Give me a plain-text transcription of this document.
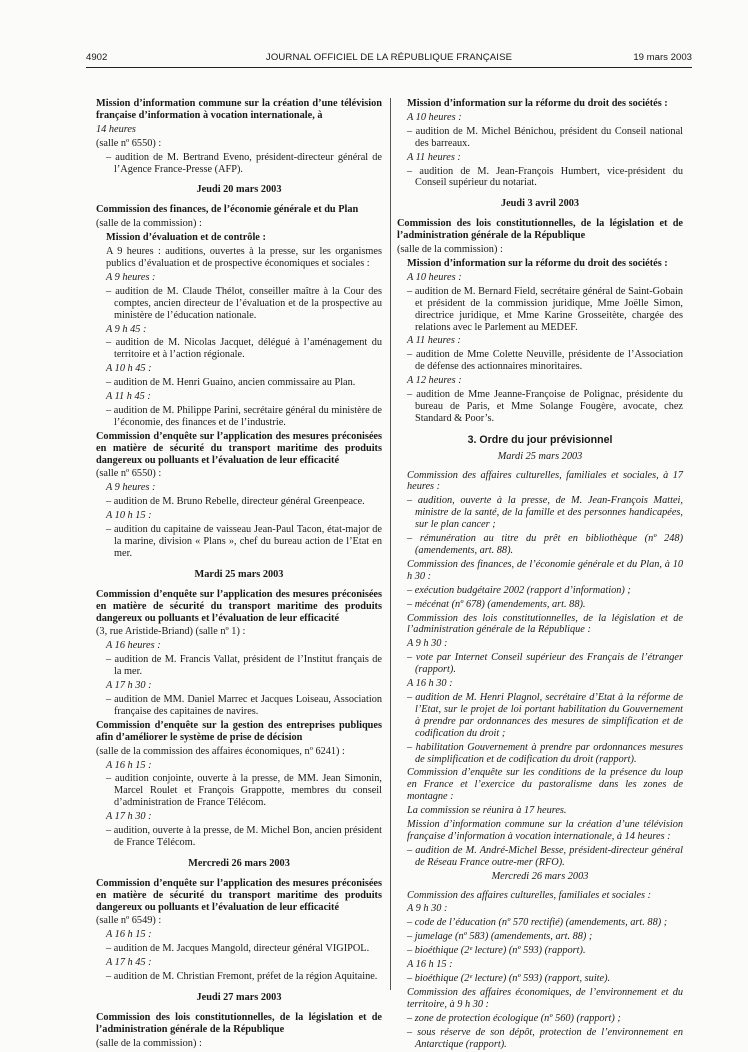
4902	JOURNAL OFFICIEL DE LA RÉPUBLIQUE FRANÇAISE	19 mars 2003
Mission d’information commune sur la création d’une télévision française d’information à vocation internationale, à
14 heures
(salle nº 6550) :
– audition de M. Bertrand Eveno, président-directeur général de l’Agence France-Presse (AFP).
Jeudi 20 mars 2003
Commission des finances, de l’économie générale et du Plan
(salle de la commission) :
Mission d’évaluation et de contrôle :
A 9 heures : auditions, ouvertes à la presse, sur les organismes publics d’évaluation et de prospective économiques et sociales :
A 9 heures :
– audition de M. Claude Thélot, conseiller maître à la Cour des comptes, ancien directeur de l’évaluation et de la prospective au ministère de l’éducation nationale.
A 9 h 45 :
– audition de M. Nicolas Jacquet, délégué à l’aménagement du territoire et à l’action régionale.
A 10 h 45 :
– audition de M. Henri Guaino, ancien commissaire au Plan.
A 11 h 45 :
– audition de M. Philippe Parini, secrétaire général du ministère de l’économie, des finances et de l’industrie.
Commission d’enquête sur l’application des mesures préconisées en matière de sécurité du transport maritime des produits dangereux ou polluants et l’évaluation de leur efficacité
(salle nº 6550) :
A 9 heures :
– audition de M. Bruno Rebelle, directeur général Greenpeace.
A 10 h 15 :
– audition du capitaine de vaisseau Jean-Paul Tacon, état-major de la marine, division « Plans », chef du bureau action de l’Etat en mer.
Mardi 25 mars 2003
Commission d’enquête sur l’application des mesures préconisées en matière de sécurité du transport maritime des produits dangereux ou polluants et l’évaluation de leur efficacité
(3, rue Aristide-Briand) (salle nº 1) :
A 16 heures :
– audition de M. Francis Vallat, président de l’Institut français de la mer.
A 17 h 30 :
– audition de MM. Daniel Marrec et Jacques Loiseau, Association française des capitaines de navires.
Commission d’enquête sur la gestion des entreprises publiques afin d’améliorer le système de prise de décision
(salle de la commission des affaires économiques, nº 6241) :
A 16 h 15 :
– audition conjointe, ouverte à la presse, de MM. Jean Simonin, Marcel Roulet et François Grappotte, membres du conseil d’administration de France Télécom.
A 17 h 30 :
– audition, ouverte à la presse, de M. Michel Bon, ancien président de France Télécom.
Mercredi 26 mars 2003
Commission d’enquête sur l’application des mesures préconisées en matière de sécurité du transport maritime des produits dangereux ou polluants et l’évaluation de leur efficacité
(salle nº 6549) :
A 16 h 15 :
– audition de M. Jacques Mangold, directeur général VIGIPOL.
A 17 h 45 :
– audition de M. Christian Fremont, préfet de la région Aquitaine.
Jeudi 27 mars 2003
Commission des lois constitutionnelles, de la législation et de l’administration générale de la République
(salle de la commission) :
Mission d’information sur la réforme du droit des sociétés :
A 10 heures :
– audition de M. Michel Bénichou, président du Conseil national des barreaux.
A 11 heures :
– audition de M. Jean-François Humbert, vice-président du Conseil supérieur du notariat.
Jeudi 3 avril 2003
Commission des lois constitutionnelles, de la législation et de l’administration générale de la République
(salle de la commission) :
Mission d’information sur la réforme du droit des sociétés :
A 10 heures :
– audition de M. Bernard Field, secrétaire général de Saint-Gobain et président de la commission juridique, Mme Joëlle Simon, directrice juridique, et Mme Karine Grosseitète, chargée des relations avec le Parlement au MEDEF.
A 11 heures :
– audition de Mme Colette Neuville, présidente de l’Association de défense des actionnaires minoritaires.
A 12 heures :
– audition de Mme Jeanne-Françoise de Polignac, présidente du bureau de Paris, et Mme Solange Fougère, avocate, chez Standard & Poor’s.
3. Ordre du jour prévisionnel
Mardi 25 mars 2003
Commission des affaires culturelles, familiales et sociales, à 17 heures :
– audition, ouverte à la presse, de M. Jean-François Mattei, ministre de la santé, de la famille et des personnes handicapées, sur le plan cancer ;
– rémunération au titre du prêt en bibliothèque (nº 248) (amendements, art. 88).
Commission des finances, de l’économie générale et du Plan, à 10 h 30 :
– exécution budgétaire 2002 (rapport d’information) ;
– mécénat (nº 678) (amendements, art. 88).
Commission des lois constitutionnelles, de la législation et de l’administration générale de la République :
A 9 h 30 :
– vote par Internet Conseil supérieur des Français de l’étranger (rapport).
A 16 h 30 :
– audition de M. Henri Plagnol, secrétaire d’Etat à la réforme de l’Etat, sur le projet de loi portant habilitation du Gouvernement à prendre par ordonnances des mesures de simplification et de codification du droit ;
– habilitation Gouvernement à prendre par ordonnances mesures de simplification et de codification du droit (rapport).
Commission d’enquête sur les conditions de la présence du loup en France et l’exercice du pastoralisme dans les zones de montagne :
La commission se réunira à 17 heures.
Mission d’information commune sur la création d’une télévision française d’information à vocation internationale, à 14 heures :
– audition de M. André-Michel Besse, président-directeur général de Réseau France outre-mer (RFO).
Mercredi 26 mars 2003
Commission des affaires culturelles, familiales et sociales :
A 9 h 30 :
– code de l’éducation (nº 570 rectifié) (amendements, art. 88) ;
– jumelage (nº 583) (amendements, art. 88) ;
– bioéthique (2ᵉ lecture) (nº 593) (rapport).
A 16 h 15 :
– bioéthique (2ᵉ lecture) (nº 593) (rapport, suite).
Commission des affaires économiques, de l’environnement et du territoire, à 9 h 30 :
– zone de protection écologique (nº 560) (rapport) ;
– sous réserve de son dépôt, protection de l’environnement en Antarctique (rapport).
